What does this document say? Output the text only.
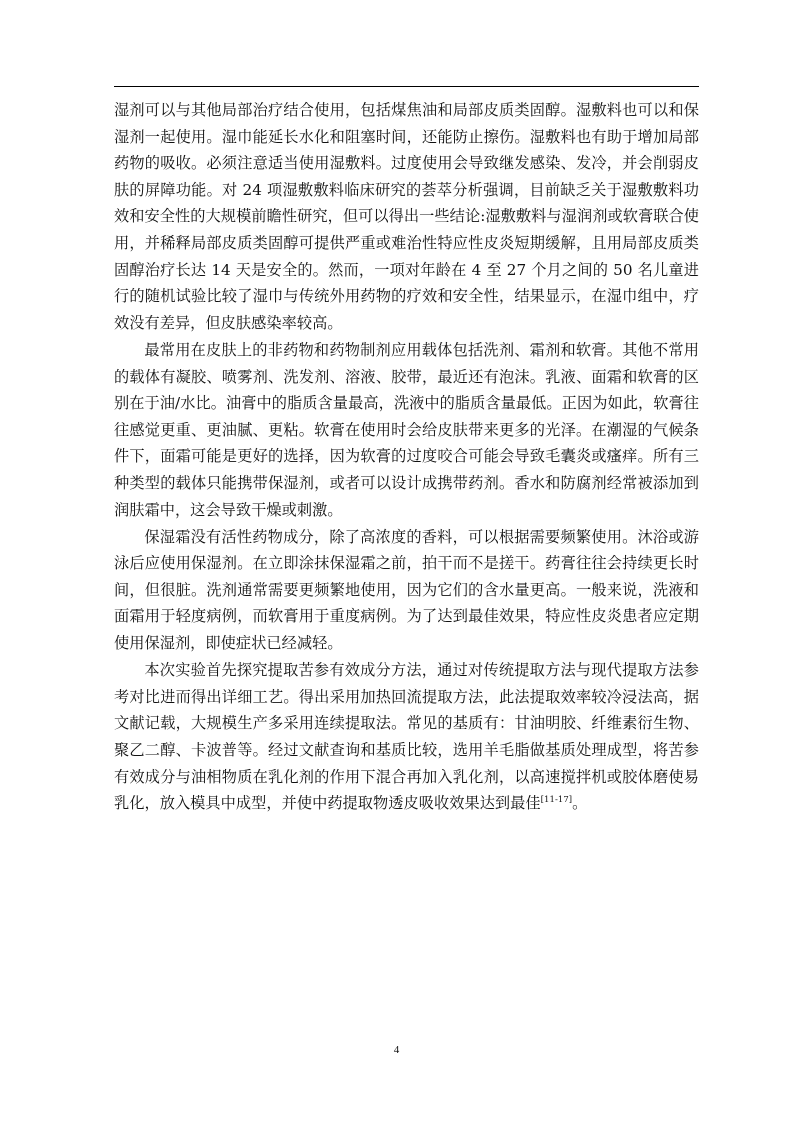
湿剂可以与其他局部治疗结合使用，包括煤焦油和局部皮质类固醇。湿敷料也可以和保湿剂一起使用。湿巾能延长水化和阻塞时间，还能防止擦伤。湿敷料也有助于增加局部药物的吸收。必须注意适当使用湿敷料。过度使用会导致继发感染、发冷，并会削弱皮肤的屏障功能。对 24 项湿敷敷料临床研究的荟萃分析强调，目前缺乏关于湿敷敷料功效和安全性的大规模前瞻性研究，但可以得出一些结论:湿敷敷料与湿润剂或软膏联合使用，并稀释局部皮质类固醇可提供严重或难治性特应性皮炎短期缓解，且用局部皮质类固醇治疗长达 14 天是安全的。然而，一项对年龄在 4 至 27 个月之间的 50 名儿童进行的随机试验比较了湿巾与传统外用药物的疗效和安全性，结果显示，在湿巾组中，疗效没有差异，但皮肤感染率较高。

最常用在皮肤上的非药物和药物制剂应用载体包括洗剂、霜剂和软膏。其他不常用的载体有凝胶、喷雾剂、洗发剂、溶液、胶带，最近还有泡沫。乳液、面霜和软膏的区别在于油/水比。油膏中的脂质含量最高，洗液中的脂质含量最低。正因为如此，软膏往往感觉更重、更油腻、更粘。软膏在使用时会给皮肤带来更多的光泽。在潮湿的气候条件下，面霜可能是更好的选择，因为软膏的过度咬合可能会导致毛囊炎或瘙痒。所有三种类型的载体只能携带保湿剂，或者可以设计成携带药剂。香水和防腐剂经常被添加到润肤霜中，这会导致干燥或刺激。

保湿霜没有活性药物成分，除了高浓度的香料，可以根据需要频繁使用。沐浴或游泳后应使用保湿剂。在立即涂抹保湿霜之前，拍干而不是搓干。药膏往往会持续更长时间，但很脏。洗剂通常需要更频繁地使用，因为它们的含水量更高。一般来说，洗液和面霜用于轻度病例，而软膏用于重度病例。为了达到最佳效果，特应性皮炎患者应定期使用保湿剂，即使症状已经减轻。

本次实验首先探究提取苦参有效成分方法，通过对传统提取方法与现代提取方法参考对比进而得出详细工艺。得出采用加热回流提取方法，此法提取效率较冷浸法高，据文献记载，大规模生产多采用连续提取法。常见的基质有：甘油明胶、纤维素衍生物、聚乙二醇、卡波普等。经过文献查询和基质比较，选用羊毛脂做基质处理成型，将苦参有效成分与油相物质在乳化剂的作用下混合再加入乳化剂，以高速搅拌机或胶体磨使易乳化，放入模具中成型，并使中药提取物透皮吸收效果达到最佳[11-17]。

4
